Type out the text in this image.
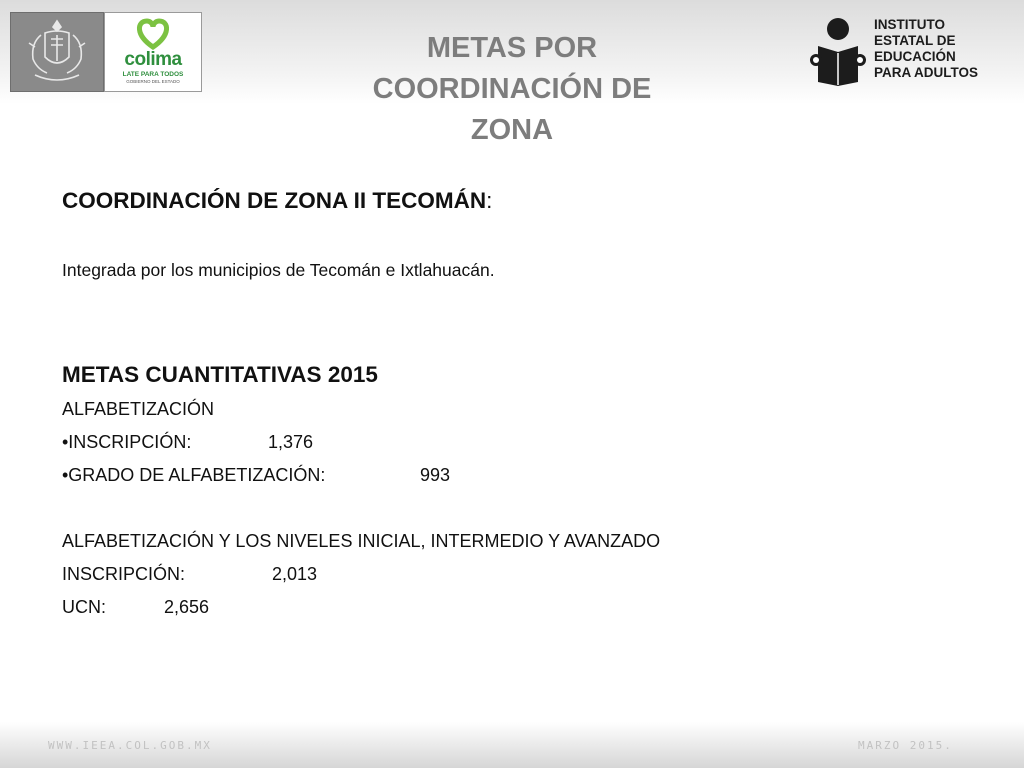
colima
LATE PARA TODOS
GOBIERNO DEL ESTADO
METAS POR
COORDINACIÓN DE
ZONA
INSTITUTO
ESTATAL DE
EDUCACIÓN
PARA ADULTOS
COORDINACIÓN DE ZONA II TECOMÁN:
Integrada por los municipios de Tecomán e Ixtlahuacán.
METAS CUANTITATIVAS 2015
ALFABETIZACIÓN
•INSCRIPCIÓN:	1,376
•GRADO DE ALFABETIZACIÓN:	993
ALFABETIZACIÓN Y LOS NIVELES INICIAL, INTERMEDIO Y AVANZADO
INSCRIPCIÓN:	2,013
UCN:	2,656
WWW.IEEA.COL.GOB.MX	MARZO 2015.
